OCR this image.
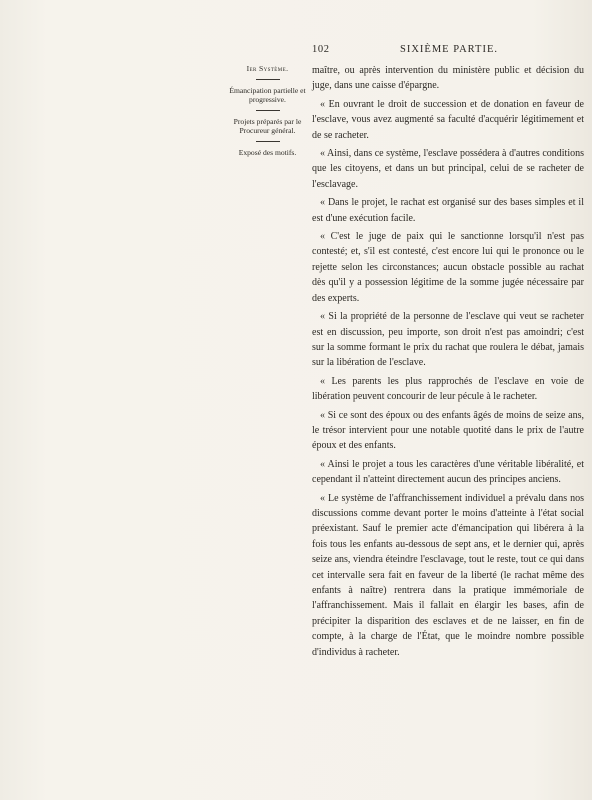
102	SIXIÈME PARTIE.

Ier Système.

Émancipation partielle et progressive.

Projets préparés par le Procureur général.

Exposé des motifs.

maître, ou après intervention du ministère public et décision du juge, dans une caisse d'épargne.

« En ouvrant le droit de succession et de donation en faveur de l'esclave, vous avez augmenté sa faculté d'acquérir légitimement et de se racheter.

« Ainsi, dans ce système, l'esclave possédera à d'autres conditions que les citoyens, et dans un but principal, celui de se racheter de l'esclavage.

« Dans le projet, le rachat est organisé sur des bases simples et il est d'une exécution facile.

« C'est le juge de paix qui le sanctionne lorsqu'il n'est pas contesté; et, s'il est contesté, c'est encore lui qui le prononce ou le rejette selon les circonstances; aucun obstacle possible au rachat dès qu'il y a possession légitime de la somme jugée nécessaire par des experts.

« Si la propriété de la personne de l'esclave qui veut se racheter est en discussion, peu importe, son droit n'est pas amoindri; c'est sur la somme formant le prix du rachat que roulera le débat, jamais sur la libération de l'esclave.

« Les parents les plus rapprochés de l'esclave en voie de libération peuvent concourir de leur pécule à le racheter.

« Si ce sont des époux ou des enfants âgés de moins de seize ans, le trésor intervient pour une notable quotité dans le prix de l'autre époux et des enfants.

« Ainsi le projet a tous les caractères d'une véritable libéralité, et cependant il n'atteint directement aucun des principes anciens.

« Le système de l'affranchissement individuel a prévalu dans nos discussions comme devant porter le moins d'atteinte à l'état social préexistant. Sauf le premier acte d'émancipation qui libérera à la fois tous les enfants au-dessous de sept ans, et le dernier qui, après seize ans, viendra éteindre l'esclavage, tout le reste, tout ce qui dans cet intervalle sera fait en faveur de la liberté (le rachat même des enfants à naître) rentrera dans la pratique immémoriale de l'affranchissement. Mais il fallait en élargir les bases, afin de précipiter la disparition des esclaves et de ne laisser, en fin de compte, à la charge de l'État, que le moindre nombre possible d'individus à racheter.
